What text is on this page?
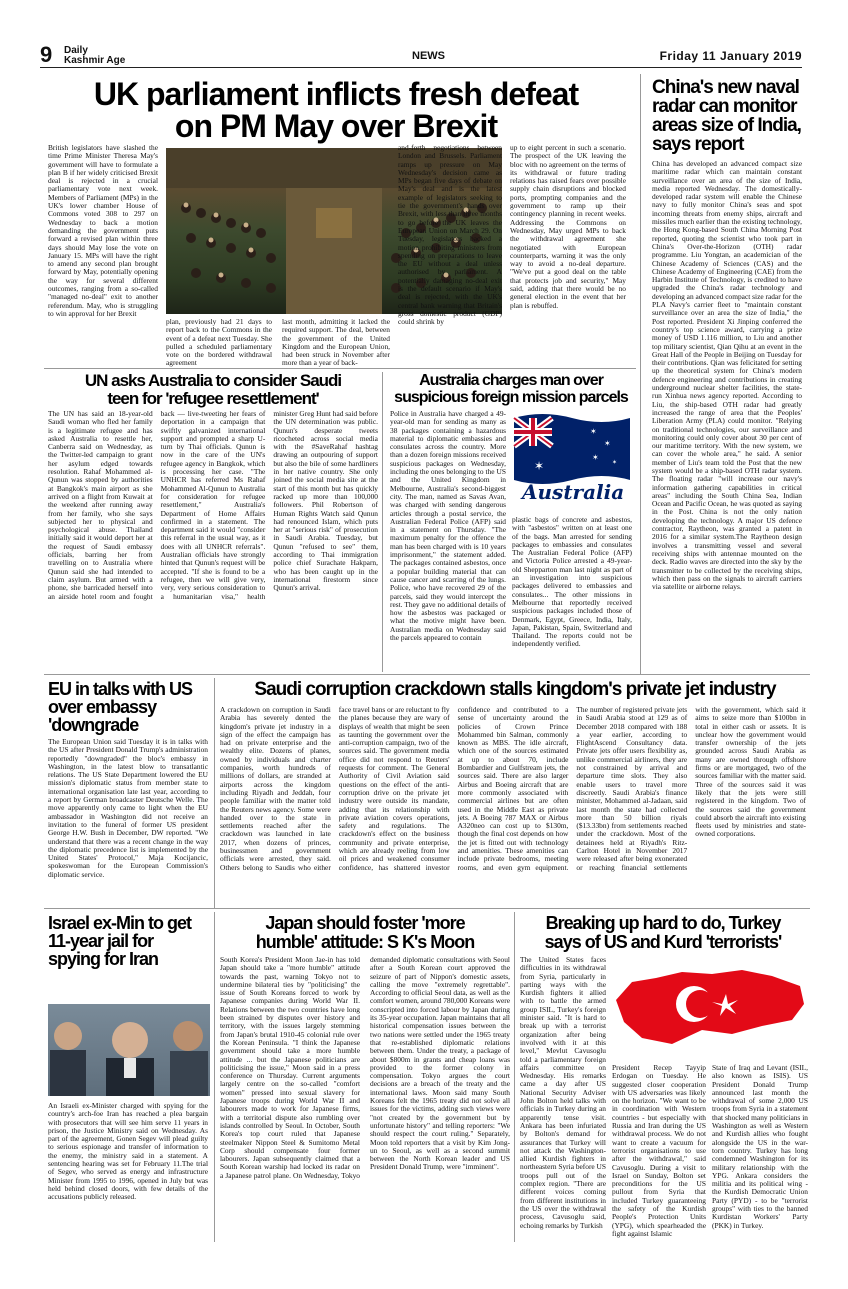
9 Daily
Kashmir Age	NEWS	Friday 11 January 2019
UK parliament inflicts fresh defeat
on PM May over Brexit
British legislators have slashed the time Prime Minister Theresa May's government will have to formulate a plan B if her widely criticised Brexit deal is rejected in a crucial parliamentary vote next week. Members of Parliament (MPs) in the UK's lower chamber House of Commons voted 308 to 297 on Wednesday to back a motion demanding the government puts forward a revised plan within three days should May lose the vote on January 15. MPs will have the right to amend any second plan brought forward by May, potentially opening the way for several different outcomes, ranging from a so-called "managed no-deal" exit to another referendum. May, who is struggling to win approval for her Brexit
plan, previously had 21 days to report back to the Commons in the event of a defeat next Tuesday. She pulled a scheduled parliamentary vote on the bordered withdrawal agreement
last month, admitting it lacked the required support. The deal, between the government of the United Kingdom and the European Union, had been struck in November after more than a year of back-
and-forth negotiations between London and Brussels. Parliament ramps up pressure on May Wednesday's decision came as MPs began five days of debate on May's deal and is the latest example of legislators seeking to tie the government's hands over Brexit, with less than three months to go before the UK leaves the European Union on March 29. On Tuesday, legislators backed a motion prohibiting ministers from spending on preparations to leave the EU without a deal unless authorised by parliament. A potentially damaging no-deal exit is the default scenario if May's deal is rejected, with the UK's central bank warning that Britain's gross domestic product (GDP) could shrink by
up to eight percent in such a scenario. The prospect of the UK leaving the bloc with no agreement on the terms of its withdrawal or future trading relations has raised fears over possible supply chain disruptions and blocked ports, prompting companies and the government to ramp up their contingency planning in recent weeks. Addressing the Commons on Wednesday, May urged MPs to back the withdrawal agreement she negotiated with European counterparts, warning it was the only way to avoid a no-deal departure. "We've put a good deal on the table that protects job and security," May said, adding that there would be no general election in the event that her plan is rebuffed.
China's new naval radar can monitor areas size of India, says report
China has developed an advanced compact size maritime radar which can maintain constant surveillance over an area of the size of India, media reported Wednesday. The domestically-developed radar system will enable the Chinese navy to fully monitor China's seas and spot incoming threats from enemy ships, aircraft and missiles much earlier than the existing technology, the Hong Kong-based South China Morning Post reported, quoting the scientist who took part in China's Over-the-Horizon (OTH) radar programme. Liu Yongtan, an academician of the Chinese Academy of Sciences (CAS) and the Chinese Academy of Engineering (CAE) from the Harbin Institute of Technology, is credited to have upgraded the China's radar technology and developing an advanced compact size radar for the PLA Navy's carrier fleet to "maintain constant surveillance over an area the size of India," the Post reported. President Xi Jinping conferred the country's top science award, carrying a prize money of USD 1.116 million, to Liu and another top military scientist, Qian Qihu at an event in the Great Hall of the People in Beijing on Tuesday for their contributions. Qian was felicitated for setting up the theoretical system for China's modern defence engineering and contributions in creating underground nuclear shelter facilities, the state-run Xinhua news agency reported. According to Liu, the ship-based OTH radar had greatly increased the range of area that the Peoples' Liberation Army (PLA) could monitor. "Relying on traditional technologies, our surveillance and monitoring could only cover about 30 per cent of our maritime territory. With the new system, we can cover the whole area," he said. A senior member of Liu's team told the Post that the new system would be a ship-based OTH radar system. The floating radar "will increase our navy's information gathering capabilities in critical areas" including the South China Sea, Indian Ocean and Pacific Ocean, he was quoted as saying in the Post. China is not the only nation developing the technology. A major US defence contractor, Raytheon, was granted a patent in 2016 for a similar system.The Raytheon design involves a transmitting vessel and several receiving ships with antennae mounted on the deck. Radio waves are directed into the sky by the transmitter to be collected by the receiving ships, which then pass on the signals to aircraft carriers via satellite or airborne relays.
UN asks Australia to consider Saudi
teen for 'refugee resettlement'
The UN has said an 18-year-old Saudi woman who fled her family is a legitimate refugee and has asked Australia to resettle her, Canberra said on Wednesday, as the Twitter-led campaign to grant her asylum edged towards resolution. Rahaf Mohammed al-Qunun was stopped by authorities at Bangkok's main airport as she arrived on a flight from Kuwait at the weekend after running away from her family, who she says subjected her to physical and psychological abuse. Thailand initially said it would deport her at the request of Saudi embassy officials, barring her from travelling on to Australia where Qunun said she had intended to claim asylum. But armed with a phone, she barricaded herself into an airside hotel room and fought back — live-tweeting her fears of deportation in a campaign that swiftly galvanized international support and prompted a sharp U-turn by Thai officials. Qunun is now in the care of the UN's refugee agency in Bangkok, which is processing her case. "The UNHCR has referred Ms Rahaf Mohammed Al-Qunun to Australia for consideration for refugee resettlement," Australia's Department of Home Affairs confirmed in a statement. The department said it would "consider this referral in the usual way, as it does with all UNHCR referrals". Australian officials have strongly hinted that Qunun's request will be accepted. "If she is found to be a refugee, then we will give very, very, very serious consideration to a humanitarian visa," health minister Greg Hunt had said before the UN determination was public. Qunun's desperate tweets ricocheted across social media with the #SaveRahaf hashtag drawing an outpouring of support but also the bile of some hardliners in her native country. She only joined the social media site at the start of this month but has quickly racked up more than 100,000 followers. Phil Robertson of Human Rights Watch said Qunun had renounced Islam, which puts her at "serious risk" of prosecution in Saudi Arabia. Tuesday, but Qunun "refused to see" them, according to Thai immigration police chief Surachate Hakparn, who has been caught up in the international firestorm since Qunun's arrival.
Australia charges man over
suspicious foreign mission parcels
Police in Australia have charged a 49-year-old man for sending as many as 38 packages containing a hazardous material to diplomatic embassies and consulates across the country. More than a dozen foreign missions received suspicious packages on Wednesday, including the ones belonging to the US and the United Kingdom in Melbourne, Australia's second-biggest city. The man, named as Savas Avan, was charged with sending dangerous articles through a postal service, the Australian Federal Police (AFP) said in a statement on Thursday. "The maximum penalty for the offence the man has been charged with is 10 years imprisonment," the statement added. The packages contained asbestos, once a popular building material that can cause cancer and scarring of the lungs. Police, who have recovered 29 of the parcels, said they would intercept the rest. They gave no additional details of how the asbestos was packaged or what the motive might have been. Australian media on Wednesday said the parcels appeared to contain
✶
✶
✶
✶
✶
Australia
plastic bags of concrete and asbestos, with "asbestos" written on at least one of the bags. Man arrested for sending packages to embassies and consulates The Australian Federal Police (AFP) and Victoria Police arrested a 49-year-old Shepparton man last night as part of an investigation into suspicious packages delivered to embassies and consulates... The other missions in Melbourne that reportedly received suspicious packages included those of Denmark, Egypt, Greece, India, Italy, Japan, Pakistan, Spain, Switzerland and Thailand. The reports could not be independently verified.
EU in talks with US over embassy 'downgrade
The European Union said Tuesday it is in talks with the US after President Donald Trump's administration reportedly "downgraded" the bloc's embassy in Washington, in the latest blow to transatlantic relations. The US State Department lowered the EU mission's diplomatic status from member state to international organisation late last year, according to a report by German broadcaster Deutsche Welle. The move apparently only came to light when the EU ambassador in Washington did not receive an invitation to the funeral of former US president George H.W. Bush in December, DW reported. "We understand that there was a recent change in the way the diplomatic precedence list is implemented by the United States' Protocol," Maja Kocijancic, spokeswoman for the European Commission's diplomatic service.
Saudi corruption crackdown stalls kingdom's private jet industry
A crackdown on corruption in Saudi Arabia has severely dented the kingdom's private jet industry in a sign of the effect the campaign has had on private enterprise and the wealthy elite. Dozens of planes, owned by individuals and charter companies, worth hundreds of millions of dollars, are stranded at airports across the kingdom including Riyadh and Jeddah, four people familiar with the matter told the Reuters news agency. Some were handed over to the state in settlements reached after the crackdown was launched in late 2017, when dozens of princes, businessmen and government officials were arrested, they said. Others belong to Saudis who either face travel bans or are reluctant to fly the planes because they are wary of displays of wealth that might be seen as taunting the government over the anti-corruption campaign, two of the sources said. The government media office did not respond to Reuters' requests for comment. The General Authority of Civil Aviation said questions on the effect of the anti-corruption drive on the private jet industry were outside its mandate, adding that its relationship with private aviation covers operations, safety and regulations. The crackdown's effect on the business community and private enterprise, which are already reeling from low oil prices and weakened consumer confidence, has shattered investor confidence and contributed to a sense of uncertainty around the policies of Crown Prince Mohammed bin Salman, commonly known as MBS. The idle aircraft, which one of the sources estimated at up to about 70, include Bombardier and Gulfstream jets, the sources said. There are also larger Airbus and Boeing aircraft that are more commonly associated with commercial airlines but are often used in the Middle East as private jets. A Boeing 787 MAX or Airbus A320neo can cost up to $130m, though the final cost depends on how the jet is fitted out with technology and amenities. These amenities can include private bedrooms, meeting rooms, and even gym equipment. The number of registered private jets in Saudi Arabia stood at 129 as of December 2018 compared with 188 a year earlier, according to FlightAscend Consultancy data. Private jets offer users flexibility as, unlike commercial airliners, they are not constrained by arrival and departure time slots. They also enable users to travel more discreetly. Saudi Arabia's finance minister, Mohammed al-Jadaan, said last month the state had collected more than 50 billion riyals ($13.33bn) from settlements reached under the crackdown. Most of the detainees held at Riyadh's Ritz-Carlton Hotel in November 2017 were released after being exonerated or reaching financial settlements with the government, which said it aims to seize more than $100bn in total in either cash or assets. It is unclear how the government would transfer ownership of the jets grounded across Saudi Arabia as many are owned through offshore firms or are mortgaged, two of the sources familiar with the matter said. Three of the sources said it was likely that the jets were still registered in the kingdom. Two of the sources said the government could absorb the aircraft into existing fleets used by ministries and state-owned corporations.
Israel ex-Min to get 11-year jail for spying for Iran
An Israeli ex-Minister charged with spying for the country's arch-foe Iran has reached a plea bargain with prosecutors that will see him serve 11 years in prison, the Justice Ministry said on Wednesday. As part of the agreement, Gonen Segev will plead guilty to serious espionage and transfer of information to the enemy, the ministry said in a statement. A sentencing hearing was set for February 11.The trial of Segev, who served as energy and infrastructure Minister from 1995 to 1996, opened in July but was held behind closed doors, with few details of the accusations publicly released.
Japan should foster 'more
humble' attitude: S K's Moon
South Korea's President Moon Jae-in has told Japan should take a "more humble" attitude towards the past, warning Tokyo not to undermine bilateral ties by "politicising" the issue of South Koreans forced to work by Japanese companies during World War II. Relations between the two countries have long been strained by disputes over history and territory, with the issues largely stemming from Japan's brutal 1910-45 colonial rule over the Korean Peninsula. "I think the Japanese government should take a more humble attitude ... but the Japanese politicians are politicising the issue," Moon said in a press conference on Thursday. Current arguments largely centre on the so-called "comfort women" pressed into sexual slavery for Japanese troops during World War II and labourers made to work for Japanese firms, with a territorial dispute also rumbling over islands controlled by Seoul. In October, South Korea's top court ruled that Japanese steelmaker Nippon Steel & Sumitomo Metal Corp should compensate four former labourers. Japan subsequently claimed that a South Korean warship had locked its radar on a Japanese patrol plane. On Wednesday, Tokyo demanded diplomatic consultations with Seoul after a South Korean court approved the seizure of part of Nippon's domestic assets, calling the move "extremely regrettable". According to official Seoul data, as well as the comfort women, around 780,000 Koreans were conscripted into forced labour by Japan during its 35-year occupation. Japan maintains that all historical compensation issues between the two nations were settled under the 1965 treaty that re-established diplomatic relations between them. Under the treaty, a package of about $800m in grants and cheap loans was provided to the former colony in compensation. Tokyo argues the court decisions are a breach of the treaty and the international laws. Moon said many South Koreans felt the 1965 treaty did not solve all issues for the victims, adding such views were "not created by the government but by unfortunate history" and telling reporters: "We should respect the court ruling." Separately, Moon told reporters that a visit by Kim Jong-un to Seoul, as well as a second summit between the North Korean leader and US President Donald Trump, were "imminent".
Breaking up hard to do, Turkey
says of US and Kurd 'terrorists'
The United States faces difficulties in its withdrawal from Syria, particularly in parting ways with the Kurdish fighters it allied with to battle the armed group ISIL, Turkey's foreign minister said. "It is hard to break up with a terrorist organization after being involved with it at this level," Mevlut Cavusoglu told a parliamentary foreign affairs committee on Wednesday. His remarks came a day after US National Security Adviser John Bolton held talks with officials in Turkey during an apparently tense visit. Ankara has been infuriated by Bolton's demand for assurances that Turkey will not attack the Washington-allied Kurdish fighters in northeastern Syria before US troops pull out of the complex region. "There are different voices coming from different institutions in the US over the withdrawal process, Cavusoglu said, echoing remarks by Turkish
President Recep Tayyip Erdogan on Tuesday. He suggested closer cooperation with US adversaries was likely on the horizon. "We want to be in coordination with Western countries - but especially with Russia and Iran during the US withdrawal process. We do not want to create a vacuum for terrorist organisations to use after the withdrawal," said Cavusoglu. During a visit to Israel on Sunday, Bolton set preconditions for the US pullout from Syria that included Turkey guaranteeing the safety of the Kurdish People's Protection Units (YPG), which spearheaded the fight against Islamic
State of Iraq and Levant (ISIL, also known as ISIS). US President Donald Trump announced last month the withdrawal of some 2,000 US troops from Syria in a statement that shocked many politicians in Washington as well as Western and Kurdish allies who fought alongside the US in the war-torn country. Turkey has long condemned Washington for its military relationship with the YPG. Ankara considers the militia and its political wing - the Kurdish Democratic Union Party (PYD) - to be "terrorist groups" with ties to the banned Kurdistan Workers' Party (PKK) in Turkey.
